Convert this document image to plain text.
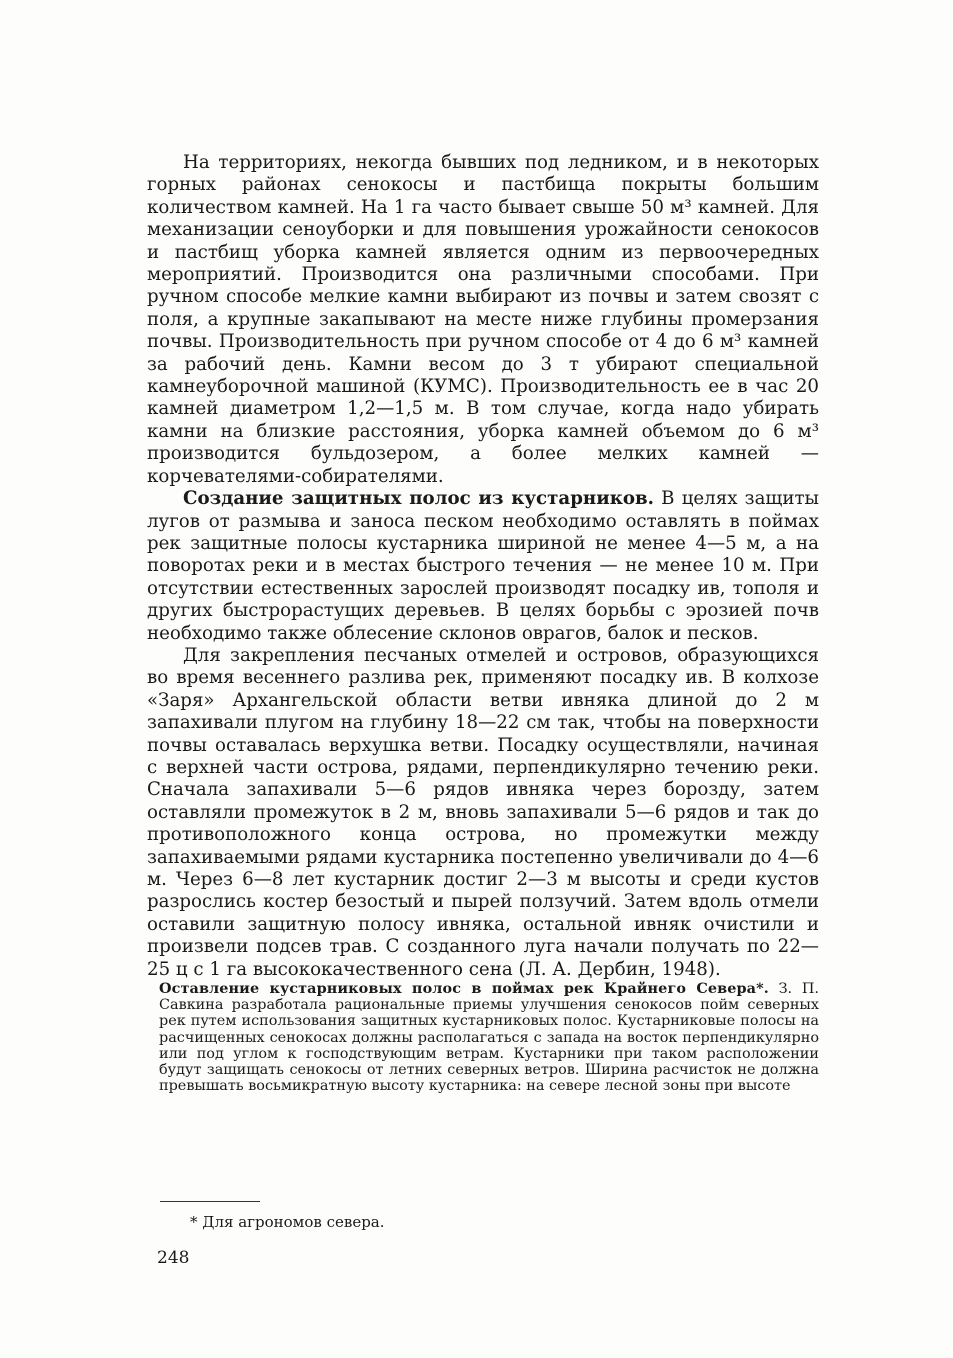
На территориях, некогда бывших под ледником, и в некоторых горных районах сенокосы и пастбища покрыты большим количеством камней. На 1 га часто бывает свыше 50 м³ камней. Для механизации сеноуборки и для повышения урожайности сенокосов и пастбищ уборка камней является одним из первоочередных мероприятий. Производится она различными способами. При ручном способе мелкие камни выбирают из почвы и затем свозят с поля, а крупные закапывают на месте ниже глубины промерзания почвы. Производительность при ручном способе от 4 до 6 м³ камней за рабочий день. Камни весом до 3 т убирают специальной камнеуборочной машиной (КУМС). Производительность ее в час 20 камней диаметром 1,2—1,5 м. В том случае, когда надо убирать камни на близкие расстояния, уборка камней объемом до 6 м³ производится бульдозером, а более мелких камней — корчевателями-собирателями.

Создание защитных полос из кустарников. В целях защиты лугов от размыва и заноса песком необходимо оставлять в поймах рек защитные полосы кустарника шириной не менее 4—5 м, а на поворотах реки и в местах быстрого течения — не менее 10 м. При отсутствии естественных зарослей производят посадку ив, тополя и других быстрорастущих деревьев. В целях борьбы с эрозией почв необходимо также облесение склонов оврагов, балок и песков.

Для закрепления песчаных отмелей и островов, образующихся во время весеннего разлива рек, применяют посадку ив. В колхозе «Заря» Архангельской области ветви ивняка длиной до 2 м запахивали плугом на глубину 18—22 см так, чтобы на поверхности почвы оставалась верхушка ветви. Посадку осуществляли, начиная с верхней части острова, рядами, перпендикулярно течению реки. Сначала запахивали 5—6 рядов ивняка через борозду, затем оставляли промежуток в 2 м, вновь запахивали 5—6 рядов и так до противоположного конца острова, но промежутки между запахиваемыми рядами кустарника постепенно увеличивали до 4—6 м. Через 6—8 лет кустарник достиг 2—3 м высоты и среди кустов разрослись костер безостый и пырей ползучий. Затем вдоль отмели оставили защитную полосу ивняка, остальной ивняк очистили и произвели подсев трав. С созданного луга начали получать по 22—25 ц с 1 га высококачественного сена (Л. А. Дербин, 1948).

Оставление кустарниковых полос в поймах рек Крайнего Севера*. З. П. Савкина разработала рациональные приемы улучшения сенокосов пойм северных рек путем использования защитных кустарниковых полос. Кустарниковые полосы на расчищенных сенокосах должны располагаться с запада на восток перпендикулярно или под углом к господствующим ветрам. Кустарники при таком расположении будут защищать сенокосы от летних северных ветров. Ширина расчисток не должна превышать восьмикратную высоту кустарника: на севере лесной зоны при высоте

* Для агрономов севера.
248
